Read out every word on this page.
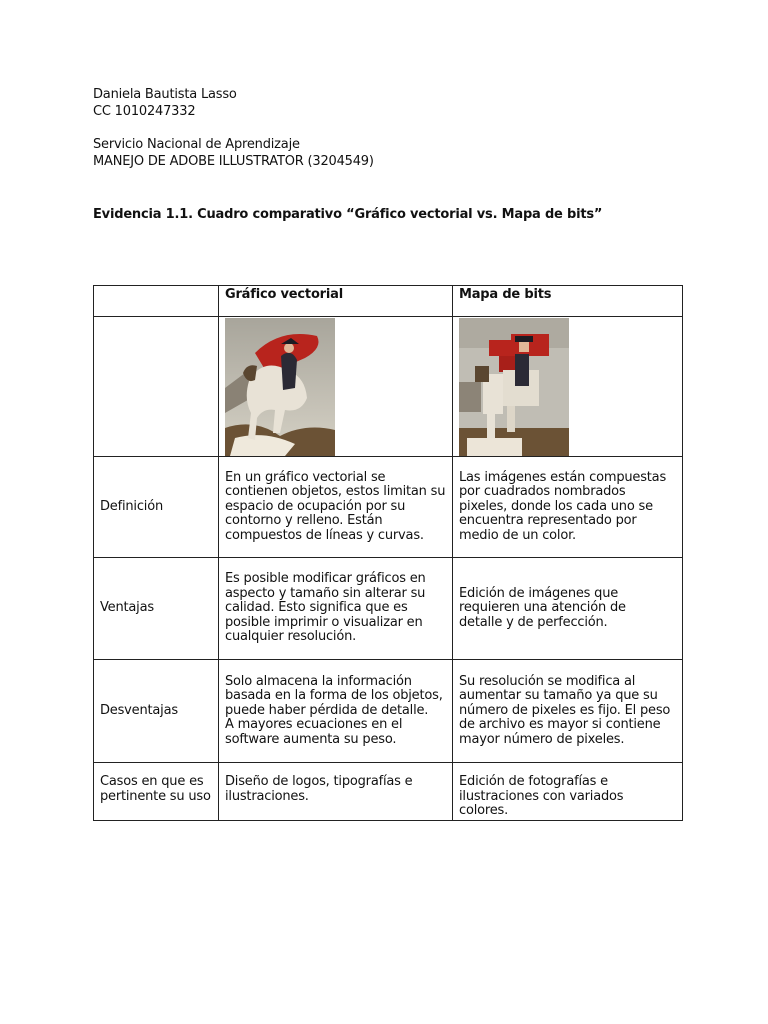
Daniela Bautista Lasso
CC 1010247332
Servicio Nacional de Aprendizaje
MANEJO DE ADOBE ILLUSTRATOR (3204549)
Evidencia 1.1. Cuadro comparativo “Gráfico vectorial vs. Mapa de bits”
	Gráfico vectorial	Mapa de bits

Definición	En un gráfico vectorial se
contienen objetos, estos limitan su
espacio de ocupación por su
contorno y relleno. Están
compuestos de líneas y curvas.	Las imágenes están compuestas
por cuadrados nombrados
pixeles, donde los cada uno se
encuentra representado por
medio de un color.
Ventajas	Es posible modificar gráficos en
aspecto y tamaño sin alterar su
calidad. Esto significa que es
posible imprimir o visualizar en
cualquier resolución.	Edición de imágenes que
requieren una atención de
detalle y de perfección.
Desventajas	Solo almacena la información
basada en la forma de los objetos,
puede haber pérdida de detalle.
A mayores ecuaciones en el
software aumenta su peso.	Su resolución se modifica al
aumentar su tamaño ya que su
número de pixeles es fijo. El peso
de archivo es mayor si contiene
mayor número de pixeles.
Casos en que es
pertinente su uso	Diseño de logos, tipografías e
ilustraciones.	Edición de fotografías e
ilustraciones con variados colores.
